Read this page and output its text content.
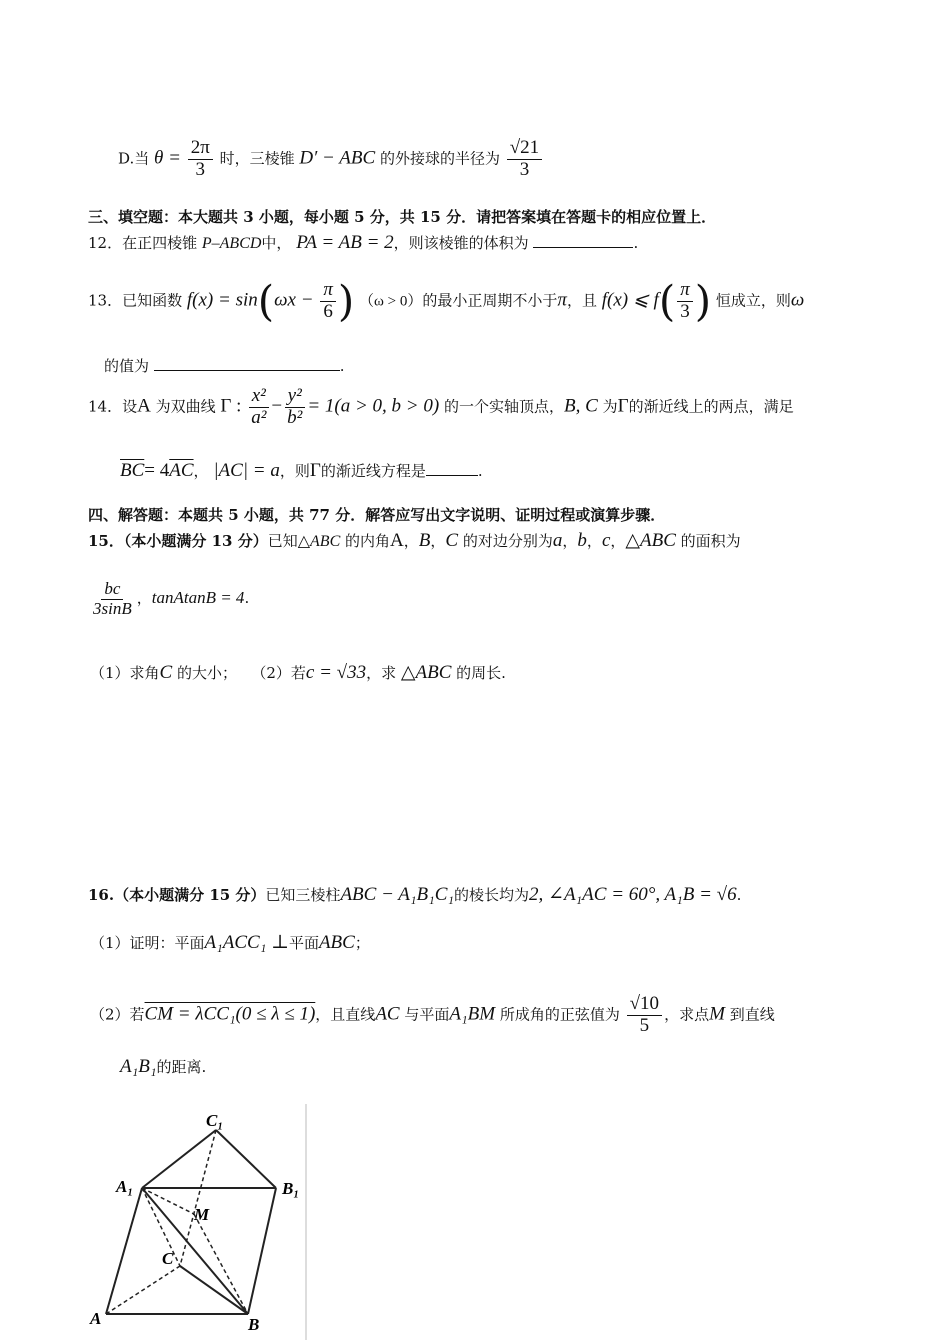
D.当 $\theta = \frac{2\pi}{3}$ 时，三棱锥 D′ − ABC 的外接球的半径为 $\frac{√21}{3}$
三、填空题：本大题共 3 小题，每小题 5 分，共 15 分．请把答案填在答题卡的相应位置上．
12．在正四棱锥 P–ABCD中， PA = AB = 2，则该棱锥的体积为	.
13．已知函数 $f(x) = \sin(\omega x - \frac{\pi}{6}$ ) （ω > 0）的最小正周期不小于π，且 f(x) ⩽ $f( \frac{\pi}{3}$ ) 恒成立，则ω
的值为	.
14．设A 为双曲线 Γ : $\frac{\text{x²}}{\text{a²}} - \frac{\text{y²}}{\text{b²}} = 1(a > 0$, b > 0) 的一个实轴顶点，B, C 为Γ的渐近线上的两点，满足
$\overline{BC}= 4\overline{AC}$， |AC| = a，则Γ的渐近线方程是	.
四、解答题：本题共 5 小题，共 77 分．解答应写出文字说明、证明过程或演算步骤．
15．（本小题满分 13 分）已知△ABC 的内角A，B，C 的对边分别为a，b，c，△ABC 的面积为
$\frac{bc}{3\sin B}$ ，tanAtanB = 4.
（1）求角C 的大小； （2）若c = √33，求 △ABC 的周长.
16.（本小题满分 15 分）已知三棱柱ABC − A₁B₁C₁的棱长均为2, ∠A₁AC = 60°, A₁B = √6.
（1）证明：平面A₁ACC₁ ⊥平面ABC；
（2）若CM = λCC₁(0 ≤ λ ≤ 1)，且直线AC 与平面A₁BM 所成角的正弦值为 $\frac{√10}{5}$ ，求点M 到直线
A₁B₁的距离.
C₁
A₁	B₁
M
C
A	B
